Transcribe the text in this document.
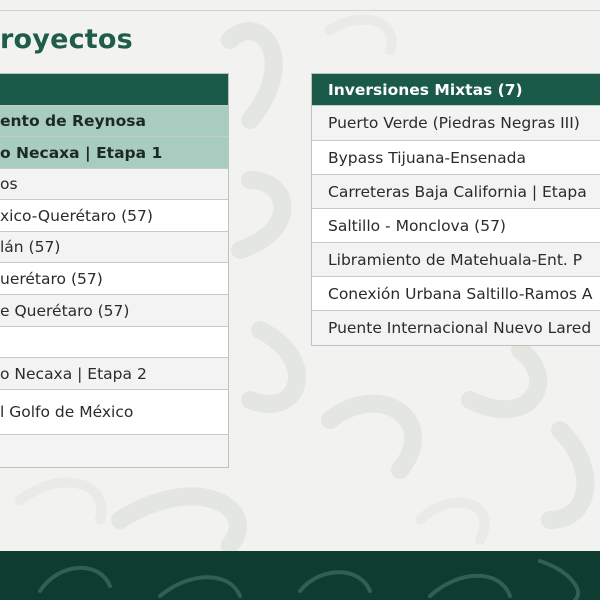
royectos
ento de Reynosa
o Necaxa | Etapa 1
os
xico-Querétaro (57)
lán (57)
uerétaro (57)
e Querétaro (57)
o Necaxa | Etapa 2
l Golfo de México
Inversiones Mixtas (7)
Puerto Verde (Piedras Negras III)
Bypass Tijuana-Ensenada
Carreteras Baja California | Etapa
Saltillo - Monclova (57)
Libramiento de Matehuala-Ent. P
Conexión Urbana Saltillo-Ramos A
Puente Internacional Nuevo Lared
